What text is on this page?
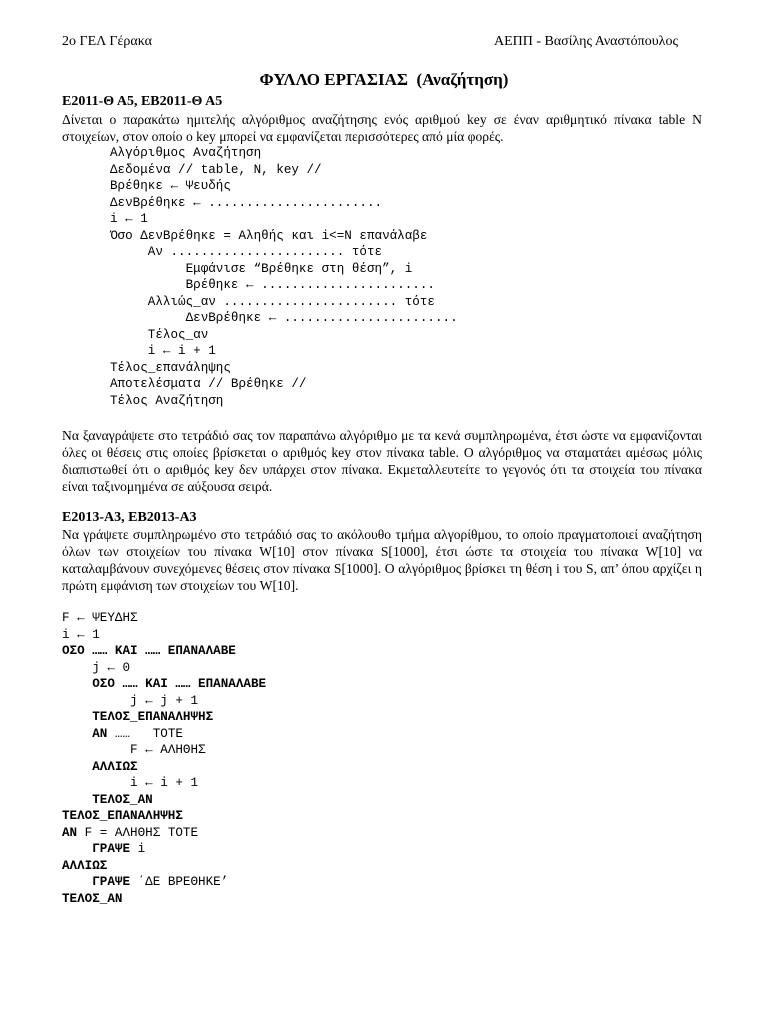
2ο ΓΕΛ Γέρακα	ΑΕΠΠ - Βασίλης Αναστόπουλος
ΦΥΛΛΟ ΕΡΓΑΣΙΑΣ  (Αναζήτηση)
Ε2011-Θ Α5, ΕΒ2011-Θ Α5
Δίνεται ο παρακάτω ημιτελής αλγόριθμος αναζήτησης ενός αριθμού key σε έναν αριθμητικό πίνακα table N στοιχείων, στον οποίο ο key μπορεί να εμφανίζεται περισσότερες από μία φορές.
Αλγόριθμος Αναζήτηση
Δεδομένα // table, N, key //
Βρέθηκε ← Ψευδής
ΔενΒρέθηκε ← .......................
i ← 1
Όσο ΔενΒρέθηκε = Αληθής και i<=N επανάλαβε
Αν ....................... τότε
Εμφάνισε “Βρέθηκε στη θέση”, i
Βρέθηκε ← .......................
Αλλιώς_αν ....................... τότε
ΔενΒρέθηκε ← .......................
Τέλος_αν
i ← i + 1
Τέλος_επανάληψης
Αποτελέσματα // Βρέθηκε //
Τέλος Αναζήτηση
Να ξαναγράψετε στο τετράδιό σας τον παραπάνω αλγόριθμο με τα κενά συμπληρωμένα, έτσι ώστε να εμφανίζονται όλες οι θέσεις στις οποίες βρίσκεται ο αριθμός key στον πίνακα table. Ο αλγόριθμος να σταματάει αμέσως μόλις διαπιστωθεί ότι ο αριθμός key δεν υπάρχει στον πίνακα. Εκμεταλλευτείτε το γεγονός ότι τα στοιχεία του πίνακα είναι ταξινομημένα σε αύξουσα σειρά.
Ε2013-Α3, ΕΒ2013-Α3
Να γράψετε συμπληρωμένο στο τετράδιό σας το ακόλουθο τμήμα αλγορίθμου, το οποίο πραγματοποιεί αναζήτηση όλων των στοιχείων του πίνακα W[10] στον πίνακα S[1000], έτσι ώστε τα στοιχεία του πίνακα W[10] να καταλαμβάνουν συνεχόμενες θέσεις στον πίνακα S[1000]. Ο αλγόριθμος βρίσκει τη θέση i του S, απ’ όπου αρχίζει η πρώτη εμφάνιση των στοιχείων του W[10].
F ← ΨΕΥΔΗΣ
i ← 1
ΟΣΟ …… ΚΑΙ …… ΕΠΑΝΑΛΑΒΕ
j ← 0
ΟΣΟ …… ΚΑΙ …… ΕΠΑΝΑΛΑΒΕ
j ← j + 1
ΤΕΛΟΣ_ΕΠΑΝΑΛΗΨΗΣ
ΑΝ ……   ΤΟΤΕ
F ← ΑΛΗΘΗΣ
ΑΛΛΙΩΣ
i ← i + 1
ΤΕΛΟΣ_ΑΝ
ΤΕΛΟΣ_ΕΠΑΝΑΛΗΨΗΣ
ΑΝ F = ΑΛΗΘΗΣ ΤΟΤΕ
ΓΡΑΨΕ i
ΑΛΛΙΩΣ
ΓΡΑΨΕ ΄ΔΕ ΒΡΕΘΗΚΕ’
ΤΕΛΟΣ_ΑΝ
